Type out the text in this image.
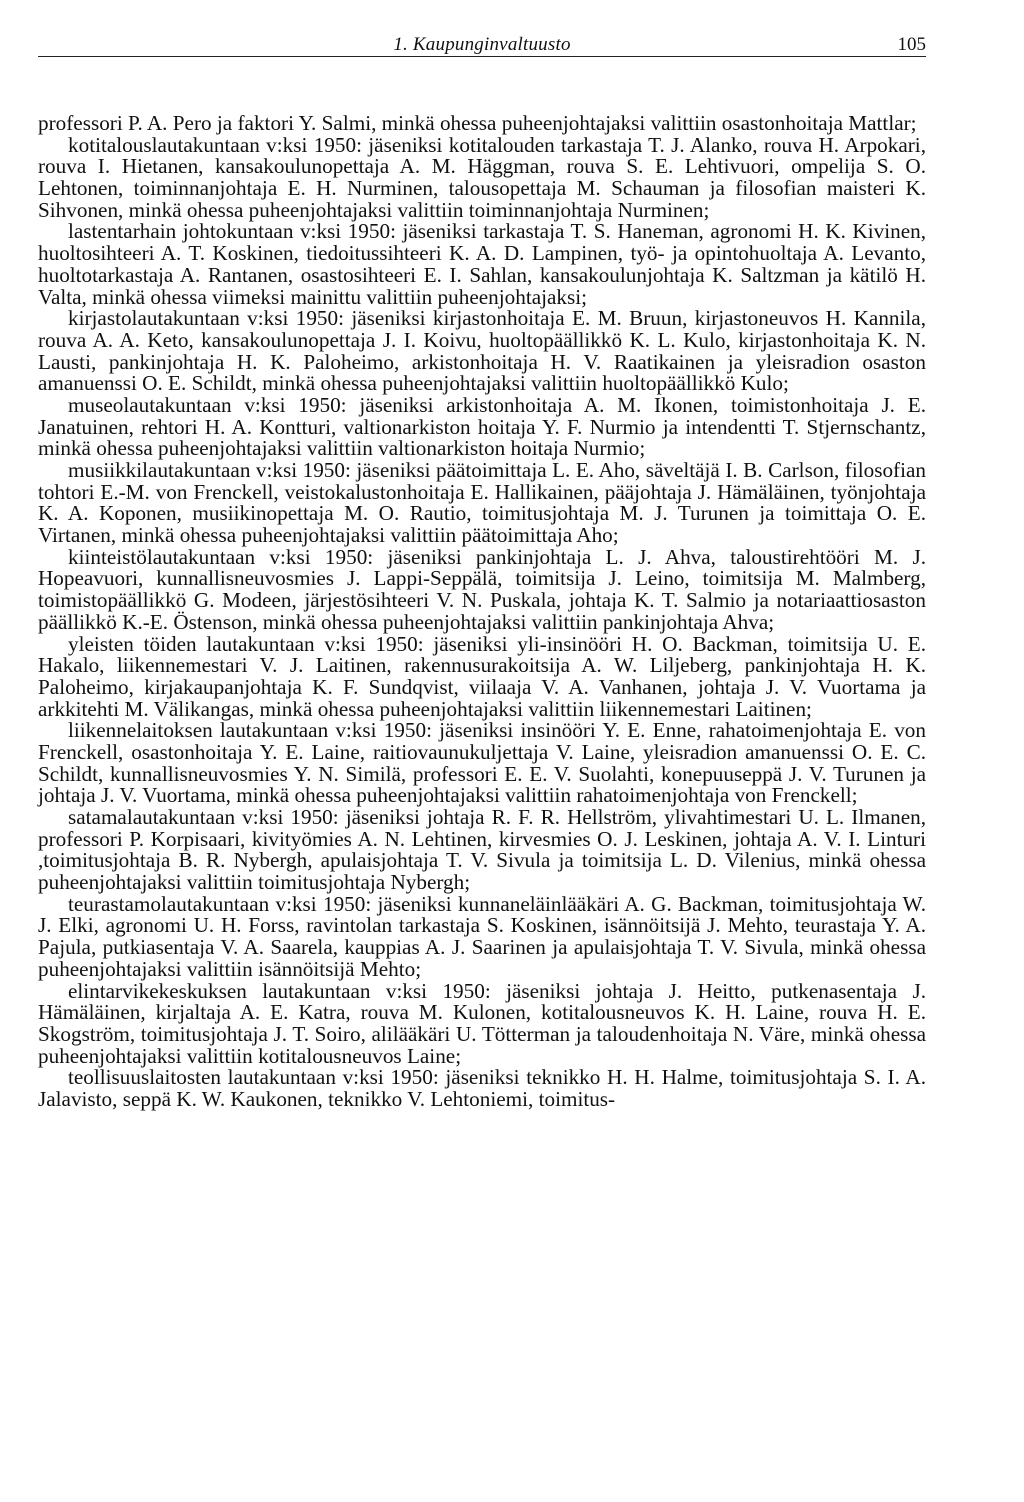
1. Kaupunginvaltuusto	105

professori P. A. Pero ja faktori Y. Salmi, minkä ohessa puheenjohtajaksi valittiin osastonhoitaja Mattlar;

kotitalouslautakuntaan v:ksi 1950: jäseniksi kotitalouden tarkastaja T. J. Alanko, rouva H. Arpokari, rouva I. Hietanen, kansakoulunopettaja A. M. Häggman, rouva S. E. Lehtivuori, ompelija S. O. Lehtonen, toiminnanjohtaja E. H. Nurminen, talousopettaja M. Schauman ja filosofian maisteri K. Sihvonen, minkä ohessa puheenjohtajaksi valittiin toiminnanjohtaja Nurminen;

lastentarhain johtokuntaan v:ksi 1950: jäseniksi tarkastaja T. S. Haneman, agronomi H. K. Kivinen, huoltosihteeri A. T. Koskinen, tiedoitussihteeri K. A. D. Lampinen, työ- ja opintohuoltaja A. Levanto, huoltotarkastaja A. Rantanen, osastosihteeri E. I. Sahlan, kansakoulunjohtaja K. Saltzman ja kätilö H. Valta, minkä ohessa viimeksi mainittu valittiin puheenjohtajaksi;

kirjastolautakuntaan v:ksi 1950: jäseniksi kirjastonhoitaja E. M. Bruun, kirjastoneuvos H. Kannila, rouva A. A. Keto, kansakoulunopettaja J. I. Koivu, huoltopäällikkö K. L. Kulo, kirjastonhoitaja K. N. Lausti, pankinjohtaja H. K. Paloheimo, arkistonhoitaja H. V. Raatikainen ja yleisradion osaston amanuenssi O. E. Schildt, minkä ohessa puheenjohtajaksi valittiin huoltopäällikkö Kulo;

museolautakuntaan v:ksi 1950: jäseniksi arkistonhoitaja A. M. Ikonen, toimistonhoitaja J. E. Janatuinen, rehtori H. A. Kontturi, valtionarkiston hoitaja Y. F. Nurmio ja intendentti T. Stjernschantz, minkä ohessa puheenjohtajaksi valittiin valtionarkiston hoitaja Nurmio;

musiikkilautakuntaan v:ksi 1950: jäseniksi päätoimittaja L. E. Aho, säveltäjä I. B. Carlson, filosofian tohtori E.-M. von Frenckell, veistokalustonhoitaja E. Hallikainen, pääjohtaja J. Hämäläinen, työnjohtaja K. A. Koponen, musiikinopettaja M. O. Rautio, toimitusjohtaja M. J. Turunen ja toimittaja O. E. Virtanen, minkä ohessa puheenjohtajaksi valittiin päätoimittaja Aho;

kiinteistölautakuntaan v:ksi 1950: jäseniksi pankinjohtaja L. J. Ahva, taloustirehtööri M. J. Hopeavuori, kunnallisneuvosmies J. Lappi-Seppälä, toimitsija J. Leino, toimitsija M. Malmberg, toimistopäällikkö G. Modeen, järjestösihteeri V. N. Puskala, johtaja K. T. Salmio ja notariaattiosaston päällikkö K.-E. Östenson, minkä ohessa puheenjohtajaksi valittiin pankinjohtaja Ahva;

yleisten töiden lautakuntaan v:ksi 1950: jäseniksi yli-insinööri H. O. Backman, toimitsija U. E. Hakalo, liikennemestari V. J. Laitinen, rakennusurakoitsija A. W. Liljeberg, pankinjohtaja H. K. Paloheimo, kirjakaupanjohtaja K. F. Sundqvist, viilaaja V. A. Vanhanen, johtaja J. V. Vuortama ja arkkitehti M. Välikangas, minkä ohessa puheenjohtajaksi valittiin liikennemestari Laitinen;

liikennelaitoksen lautakuntaan v:ksi 1950: jäseniksi insinööri Y. E. Enne, rahatoimenjohtaja E. von Frenckell, osastonhoitaja Y. E. Laine, raitiovaunukuljettaja V. Laine, yleisradion amanuenssi O. E. C. Schildt, kunnallisneuvosmies Y. N. Similä, professori E. E. V. Suolahti, konepuuseppä J. V. Turunen ja johtaja J. V. Vuortama, minkä ohessa puheenjohtajaksi valittiin rahatoimenjohtaja von Frenckell;

satamalautakuntaan v:ksi 1950: jäseniksi johtaja R. F. R. Hellström, ylivahtimestari U. L. Ilmanen, professori P. Korpisaari, kivityömies A. N. Lehtinen, kirvesmies O. J. Leskinen, johtaja A. V. I. Linturi ,toimitusjohtaja B. R. Nybergh, apulaisjohtaja T. V. Sivula ja toimitsija L. D. Vilenius, minkä ohessa puheenjohtajaksi valittiin toimitusjohtaja Nybergh;

teurastamolautakuntaan v:ksi 1950: jäseniksi kunnaneläinlääkäri A. G. Backman, toimitusjohtaja W. J. Elki, agronomi U. H. Forss, ravintolan tarkastaja S. Koskinen, isännöitsijä J. Mehto, teurastaja Y. A. Pajula, putkiasentaja V. A. Saarela, kauppias A. J. Saarinen ja apulaisjohtaja T. V. Sivula, minkä ohessa puheenjohtajaksi valittiin isännöitsijä Mehto;

elintarvikekeskuksen lautakuntaan v:ksi 1950: jäseniksi johtaja J. Heitto, putkenasentaja J. Hämäläinen, kirjaltaja A. E. Katra, rouva M. Kulonen, kotitalousneuvos K. H. Laine, rouva H. E. Skogström, toimitusjohtaja J. T. Soiro, alilääkäri U. Tötterman ja taloudenhoitaja N. Väre, minkä ohessa puheenjohtajaksi valittiin kotitalousneuvos Laine;

teollisuuslaitosten lautakuntaan v:ksi 1950: jäseniksi teknikko H. H. Halme, toimitusjohtaja S. I. A. Jalavisto, seppä K. W. Kaukonen, teknikko V. Lehtoniemi, toimitus-
